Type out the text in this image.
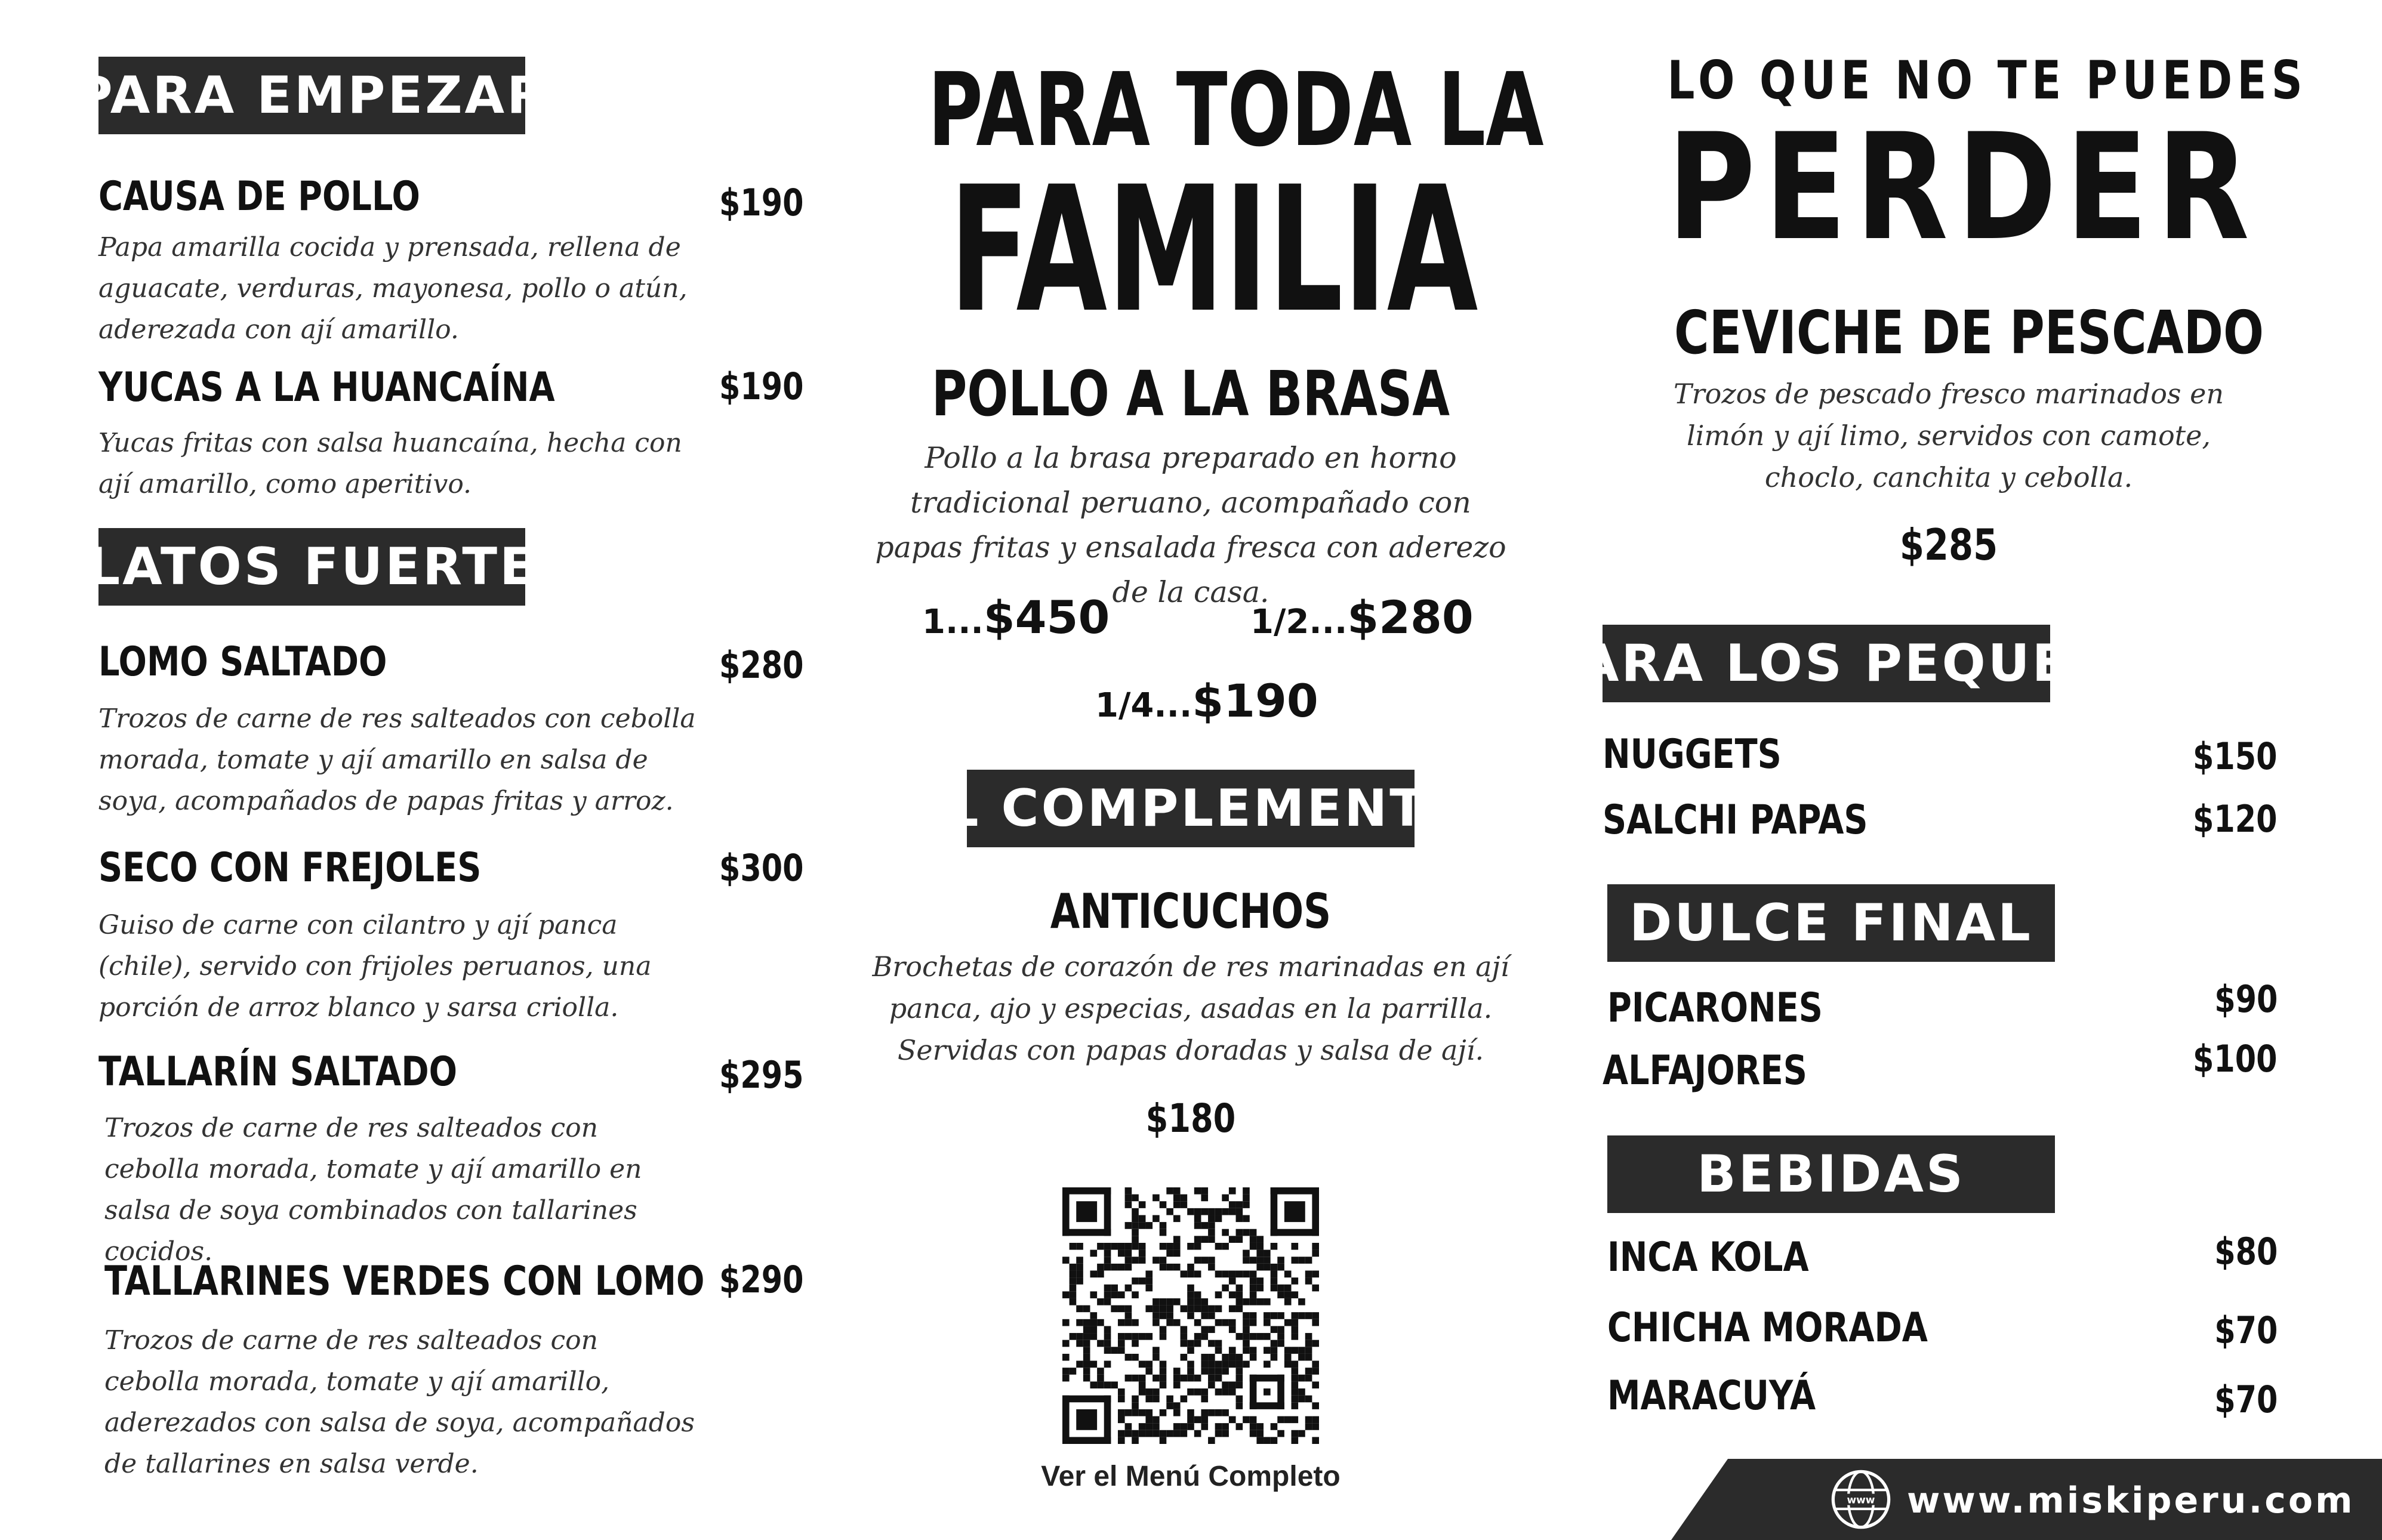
PARA EMPEZAR
CAUSA DE POLLO	$190
Papa amarilla cocida y prensada, rellena de aguacate, verduras, mayonesa, pollo o atún, aderezada con ají amarillo.
YUCAS A LA HUANCAÍNA	$190
Yucas fritas con salsa huancaína, hecha con ají amarillo, como aperitivo.
PLATOS FUERTES
LOMO SALTADO	$280
Trozos de carne de res salteados con cebolla morada, tomate y ají amarillo en salsa de soya, acompañados de papas fritas y arroz.
SECO CON FREJOLES	$300
Guiso de carne con cilantro y ají panca (chile), servido con frijoles peruanos, una porción de arroz blanco y sarsa criolla.
TALLARÍN SALTADO	$295
Trozos de carne de res salteados con cebolla morada, tomate y ají amarillo en salsa de soya combinados con tallarines cocidos.
TALLARINES VERDES CON LOMO $290
Trozos de carne de res salteados con cebolla morada, tomate y ají amarillo, aderezados con salsa de soya, acompañados de tallarines en salsa verde.
PARA TODA LA
FAMILIA
POLLO A LA BRASA
Pollo a la brasa preparado en horno tradicional peruano, acompañado con papas fritas y ensalada fresca con aderezo de la casa.
1...$450	1/2...$280
1/4...$190
EL COMPLEMENTO
ANTICUCHOS
Brochetas de corazón de res marinadas en ají panca, ajo y especias, asadas en la parrilla. Servidas con papas doradas y salsa de ají.
$180
Ver el Menú Completo
LO QUE NO TE PUEDES
PERDER
CEVICHE DE PESCADO
Trozos de pescado fresco marinados en limón y ají limo, servidos con camote, choclo, canchita y cebolla.
$285
PARA LOS PEQUES
NUGGETS	$150
SALCHI PAPAS	$120
DULCE FINAL
PICARONES	$90
ALFAJORES	$100
BEBIDAS
INCA KOLA	$80
CHICHA MORADA	$70
MARACUYÁ	$70
www www.miskiperu.com
